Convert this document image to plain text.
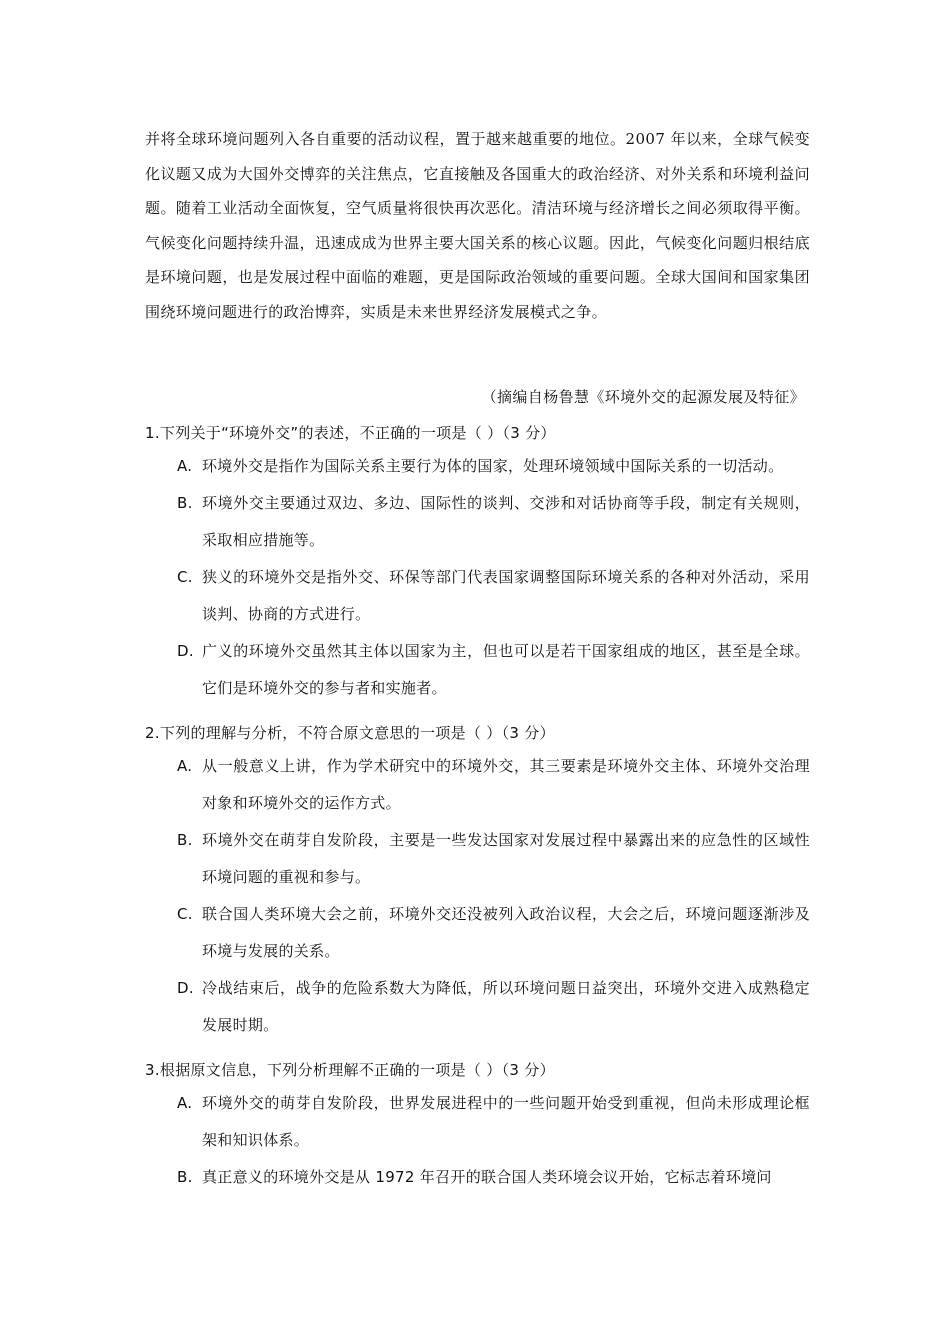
并将全球环境问题列入各自重要的活动议程，置于越来越重要的地位。2007 年以来，全球气候变化议题又成为大国外交博弈的关注焦点，它直接触及各国重大的政治经济、对外关系和环境利益问题。随着工业活动全面恢复，空气质量将很快再次恶化。清洁环境与经济增长之间必须取得平衡。气候变化问题持续升温，迅速成成为世界主要大国关系的核心议题。因此，气候变化问题归根结底是环境问题，也是发展过程中面临的难题，更是国际政治领域的重要问题。全球大国间和国家集团围绕环境问题进行的政治博弈，实质是未来世界经济发展模式之争。

（摘编自杨鲁慧《环境外交的起源发展及特征》

1.下列关于“环境外交”的表述，不正确的一项是（ ）（3 分）

A. 环境外交是指作为国际关系主要行为体的国家，处理环境领域中国际关系的一切活动。
B. 环境外交主要通过双边、多边、国际性的谈判、交涉和对话协商等手段，制定有关规则，采取相应措施等。
C. 狭义的环境外交是指外交、环保等部门代表国家调整国际环境关系的各种对外活动，采用谈判、协商的方式进行。
D. 广义的环境外交虽然其主体以国家为主，但也可以是若干国家组成的地区，甚至是全球。它们是环境外交的参与者和实施者。

2.下列的理解与分析，不符合原文意思的一项是（ ）（3 分）

A. 从一般意义上讲，作为学术研究中的环境外交，其三要素是环境外交主体、环境外交治理对象和环境外交的运作方式。
B. 环境外交在萌芽自发阶段，主要是一些发达国家对发展过程中暴露出来的应急性的区域性环境问题的重视和参与。
C. 联合国人类环境大会之前，环境外交还没被列入政治议程，大会之后，环境问题逐渐涉及环境与发展的关系。
D. 冷战结束后，战争的危险系数大为降低，所以环境问题日益突出，环境外交进入成熟稳定发展时期。

3.根据原文信息，下列分析理解不正确的一项是（ ）（3 分）

A. 环境外交的萌芽自发阶段，世界发展进程中的一些问题开始受到重视，但尚未形成理论框架和知识体系。
B. 真正意义的环境外交是从 1972 年召开的联合国人类环境会议开始，它标志着环境问
